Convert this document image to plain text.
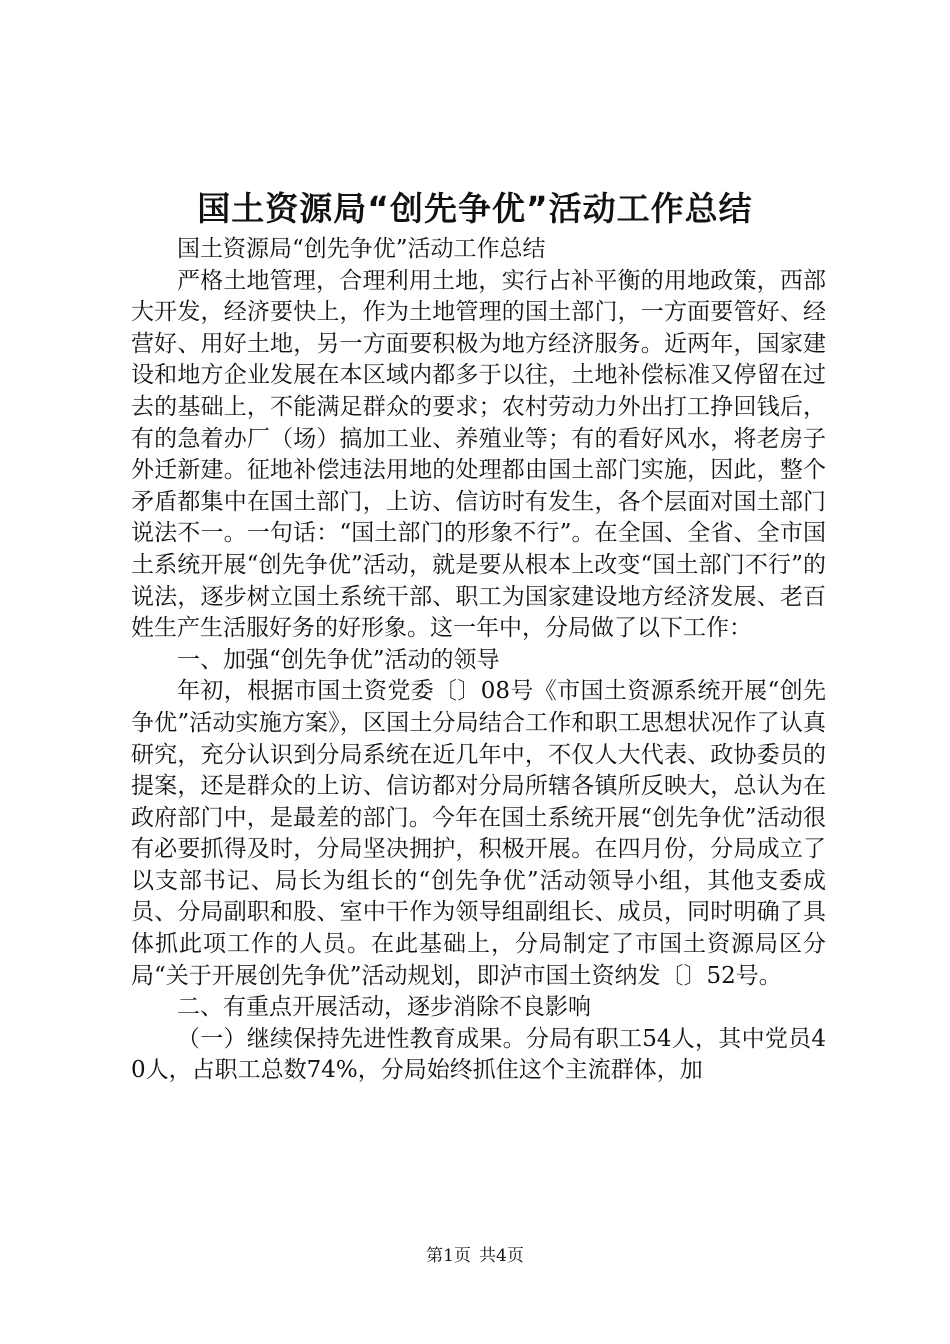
国土资源局“创先争优”活动工作总结

国土资源局“创先争优”活动工作总结

严格土地管理，合理利用土地，实行占补平衡的用地政策，西部大开发，经济要快上，作为土地管理的国土部门，一方面要管好、经营好、用好土地，另一方面要积极为地方经济服务。近两年，国家建设和地方企业发展在本区域内都多于以往，土地补偿标准又停留在过去的基础上，不能满足群众的要求；农村劳动力外出打工挣回钱后，有的急着办厂（场）搞加工业、养殖业等；有的看好风水，将老房子外迁新建。征地补偿违法用地的处理都由国土部门实施，因此，整个矛盾都集中在国土部门，上访、信访时有发生，各个层面对国土部门说法不一。一句话：“国土部门的形象不行”。在全国、全省、全市国土系统开展“创先争优”活动，就是要从根本上改变“国土部门不行”的说法，逐步树立国土系统干部、职工为国家建设地方经济发展、老百姓生产生活服好务的好形象。这一年中，分局做了以下工作：

一、加强“创先争优”活动的领导

年初，根据市国土资党委〔〕08号《市国土资源系统开展“创先争优”活动实施方案》，区国土分局结合工作和职工思想状况作了认真研究，充分认识到分局系统在近几年中，不仅人大代表、政协委员的提案，还是群众的上访、信访都对分局所辖各镇所反映大，总认为在政府部门中，是最差的部门。今年在国土系统开展“创先争优”活动很有必要抓得及时，分局坚决拥护，积极开展。在四月份，分局成立了以支部书记、局长为组长的“创先争优”活动领导小组，其他支委成员、分局副职和股、室中干作为领导组副组长、成员，同时明确了具体抓此项工作的人员。在此基础上，分局制定了市国土资源局区分局“关于开展创先争优”活动规划，即泸市国土资纳发〔〕52号。

二、有重点开展活动，逐步消除不良影响

（一）继续保持先进性教育成果。分局有职工54人，其中党员40人，占职工总数74%，分局始终抓住这个主流群体，加

第1页 共4页
